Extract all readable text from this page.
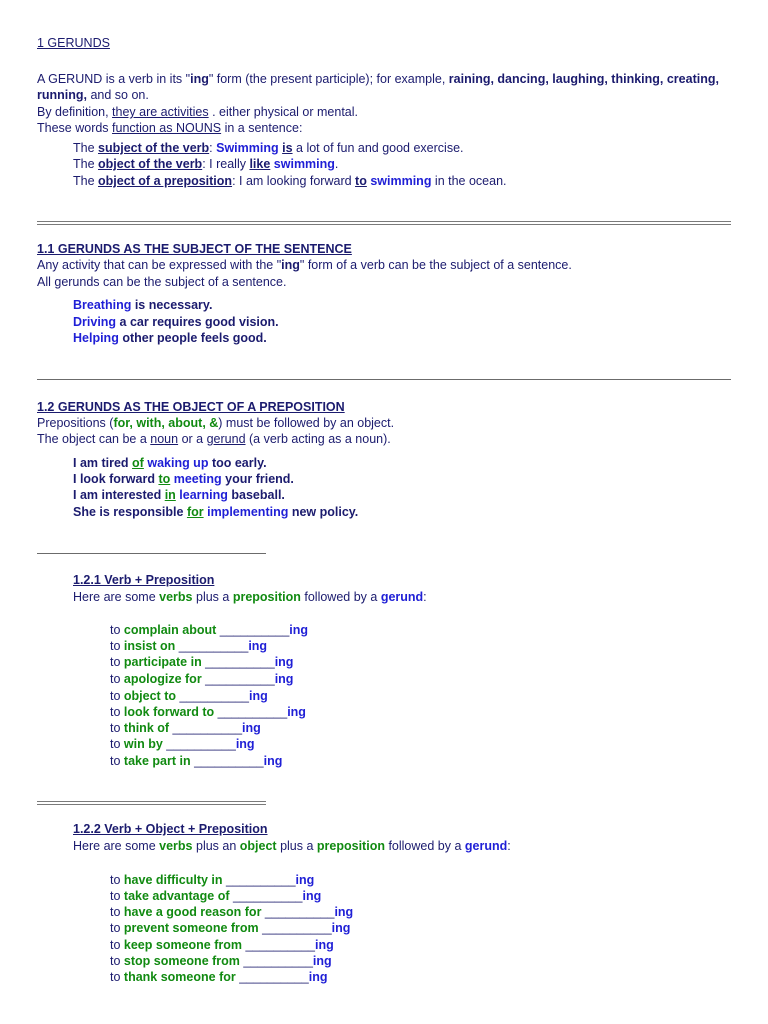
1 GERUNDS
A GERUND is a verb in its "ing" form (the present participle); for example, raining, dancing, laughing, thinking, creating,
running, and so on.
By definition, they are activities . either physical or mental.
These words function as NOUNS in a sentence:
The subject of the verb: Swimming is a lot of fun and good exercise.
The object of the verb: I really like swimming.
The object of a preposition: I am looking forward to swimming in the ocean.
1.1 GERUNDS AS THE SUBJECT OF THE SENTENCE
Any activity that can be expressed with the "ing" form of a verb can be the subject of a sentence.
All gerunds can be the subject of a sentence.
Breathing is necessary.
Driving a car requires good vision.
Helping other people feels good.
1.2 GERUNDS AS THE OBJECT OF A PREPOSITION
Prepositions (for, with, about, &) must be followed by an object.
The object can be a noun or a gerund (a verb acting as a noun).
I am tired of waking up too early.
I look forward to meeting your friend.
I am interested in learning baseball.
She is responsible for implementing new policy.
1.2.1 Verb + Preposition
Here are some verbs plus a preposition followed by a gerund:
to complain about __________ing
to insist on __________ing
to participate in __________ing
to apologize for __________ing
to object to __________ing
to look forward to __________ing
to think of __________ing
to win by __________ing
to take part in __________ing
1.2.2 Verb + Object + Preposition
Here are some verbs plus an object plus a preposition followed by a gerund:
to have difficulty in __________ing
to take advantage of __________ing
to have a good reason for __________ing
to prevent someone from __________ing
to keep someone from __________ing
to stop someone from __________ing
to thank someone for __________ing
